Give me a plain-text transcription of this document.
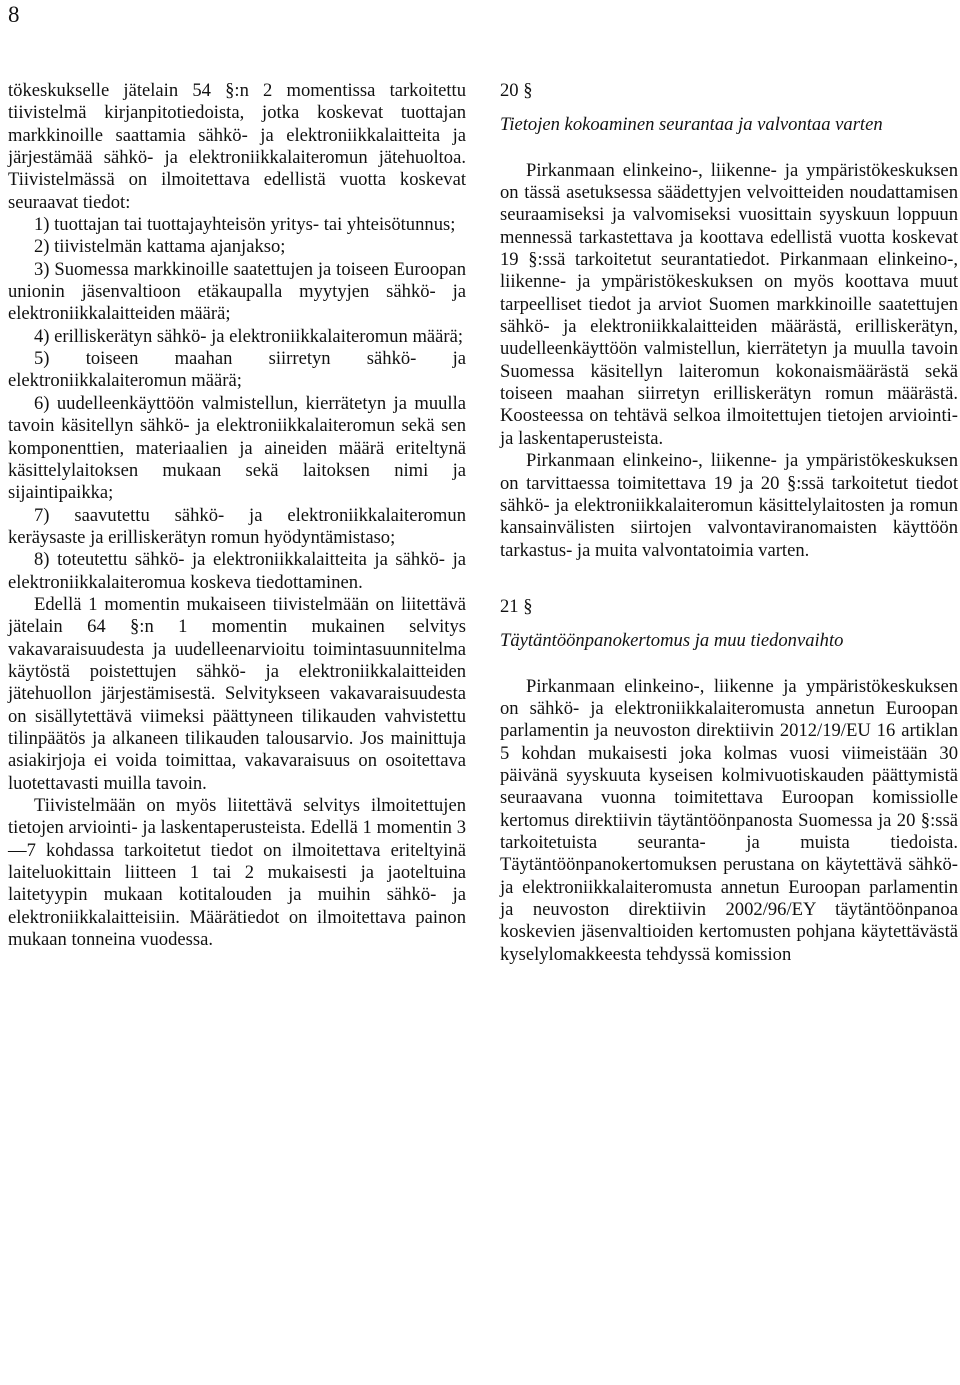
8

tökeskukselle jätelain 54 §:n 2 momentissa tarkoitettu tiivistelmä kirjanpitotiedoista, jotka koskevat tuottajan markkinoille saattamia sähkö- ja elektroniikkalaitteita ja järjestämää sähkö- ja elektroniikkalaiteromun jätehuoltoa. Tiivistelmässä on ilmoitettava edellistä vuotta koskevat seuraavat tiedot:

1) tuottajan tai tuottajayhteisön yritys- tai yhteisötunnus;

2) tiivistelmän kattama ajanjakso;

3) Suomessa markkinoille saatettujen ja toiseen Euroopan unionin jäsenvaltioon etäkaupalla myytyjen sähkö- ja elektroniikkalaitteiden määrä;

4) erilliskerätyn sähkö- ja elektroniikkalaiteromun määrä;

5) toiseen maahan siirretyn sähkö- ja elektroniikkalaiteromun määrä;

6) uudelleenkäyttöön valmistellun, kierrätetyn ja muulla tavoin käsitellyn sähkö- ja elektroniikkalaiteromun sekä sen komponenttien, materiaalien ja aineiden määrä eriteltynä käsittelylaitoksen mukaan sekä laitoksen nimi ja sijaintipaikka;

7) saavutettu sähkö- ja elektroniikkalaiteromun keräysaste ja erilliskerätyn romun hyödyntämistaso;

8) toteutettu sähkö- ja elektroniikkalaitteita ja sähkö- ja elektroniikkalaiteromua koskeva tiedottaminen.

Edellä 1 momentin mukaiseen tiivistelmään on liitettävä jätelain 64 §:n 1 momentin mukainen selvitys vakavaraisuudesta ja uudelleenarvioitu toimintasuunnitelma käytöstä poistettujen sähkö- ja elektroniikkalaitteiden jätehuollon järjestämisestä. Selvitykseen vakavaraisuudesta on sisällytettävä viimeksi päättyneen tilikauden vahvistettu tilinpäätös ja alkaneen tilikauden talousarvio. Jos mainittuja asiakirjoja ei voida toimittaa, vakavaraisuus on osoitettava luotettavasti muilla tavoin.

Tiivistelmään on myös liitettävä selvitys ilmoitettujen tietojen arviointi- ja laskentaperusteista. Edellä 1 momentin 3 —7 kohdassa tarkoitetut tiedot on ilmoitettava eriteltyinä laiteluokittain liitteen 1 tai 2 mukaisesti ja jaoteltuina laitetyypin mukaan kotitalouden ja muihin sähkö- ja elektroniikkalaitteisiin. Määrätiedot on ilmoitettava painon mukaan tonneina vuodessa.

20 §

Tietojen kokoaminen seurantaa ja valvontaa varten

Pirkanmaan elinkeino-, liikenne- ja ympäristökeskuksen on tässä asetuksessa säädettyjen velvoitteiden noudattamisen seuraamiseksi ja valvomiseksi vuosittain syyskuun loppuun mennessä tarkastettava ja koottava edellistä vuotta koskevat 19 §:ssä tarkoitetut seurantatiedot. Pirkanmaan elinkeino-, liikenne- ja ympäristökeskuksen on myös koottava muut tarpeelliset tiedot ja arviot Suomen markkinoille saatettujen sähkö- ja elektroniikkalaitteiden määrästä, erilliskerätyn, uudelleenkäyttöön valmistellun, kierrätetyn ja muulla tavoin Suomessa käsitellyn laiteromun kokonaismäärästä sekä toiseen maahan siirretyn erilliskerätyn romun määrästä. Koosteessa on tehtävä selkoa ilmoitettujen tietojen arviointi- ja laskentaperusteista.

Pirkanmaan elinkeino-, liikenne- ja ympäristökeskuksen on tarvittaessa toimitettava 19 ja 20 §:ssä tarkoitetut tiedot sähkö- ja elektroniikkalaiteromun käsittelylaitosten ja romun kansainvälisten siirtojen valvontaviranomaisten käyttöön tarkastus- ja muita valvontatoimia varten.

21 §

Täytäntöönpanokertomus ja muu tiedonvaihto

Pirkanmaan elinkeino-, liikenne ja ympäristökeskuksen on sähkö- ja elektroniikkalaiteromusta annetun Euroopan parlamentin ja neuvoston direktiivin 2012/19/EU 16 artiklan 5 kohdan mukaisesti joka kolmas vuosi viimeistään 30 päivänä syyskuuta kyseisen kolmivuotiskauden päättymistä seuraavana vuonna toimitettava Euroopan komissiolle kertomus direktiivin täytäntöönpanosta Suomessa ja 20 §:ssä tarkoitetuista seuranta- ja muista tiedoista. Täytäntöönpanokertomuksen perustana on käytettävä sähkö- ja elektroniikkalaiteromusta annetun Euroopan parlamentin ja neuvoston direktiivin 2002/96/EY täytäntöönpanoa koskevien jäsenvaltioiden kertomusten pohjana käytettävästä kyselylomakkeesta tehdyssä komission
